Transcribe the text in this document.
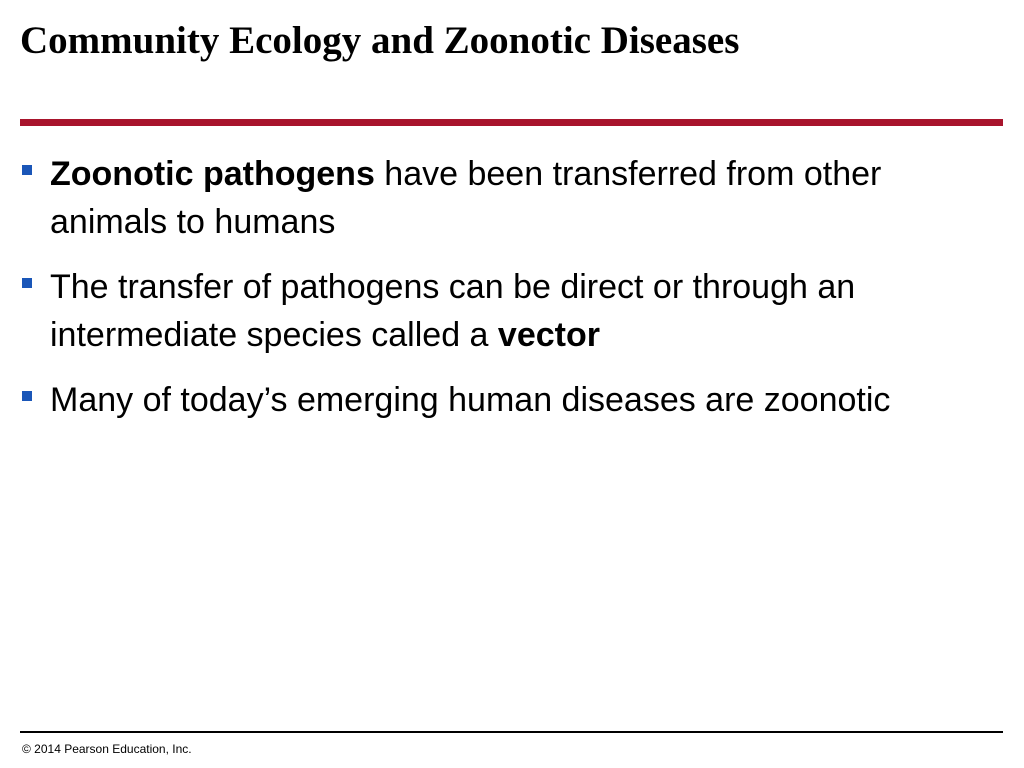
Community Ecology and Zoonotic Diseases
Zoonotic pathogens have been transferred from other animals to humans
The transfer of pathogens can be direct or through an intermediate species called a vector
Many of today’s emerging human diseases are zoonotic
© 2014 Pearson Education, Inc.
